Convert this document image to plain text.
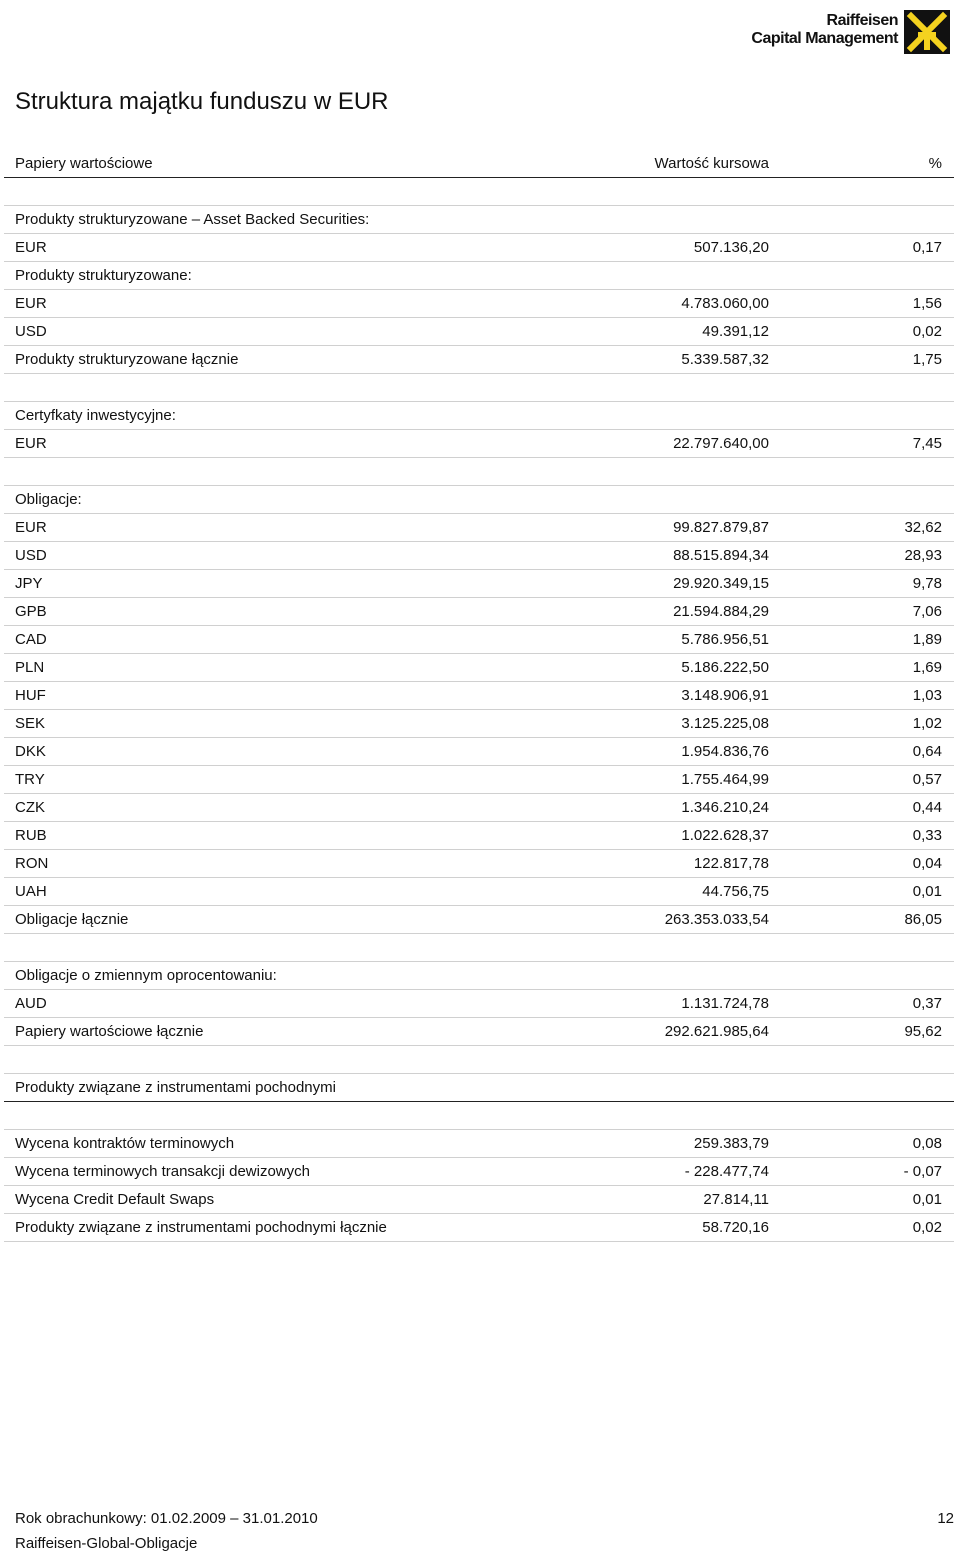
Raiffeisen
Capital Management
Struktura majątku funduszu w EUR
Papiery wartościowe	Wartość kursowa	%
Produkty strukturyzowane – Asset Backed Securities:
EUR	507.136,20	0,17
Produkty strukturyzowane:
EUR	4.783.060,00	1,56
USD	49.391,12	0,02
Produkty strukturyzowane łącznie	5.339.587,32	1,75
Certyfkaty inwestycyjne:
EUR	22.797.640,00	7,45
Obligacje:
EUR	99.827.879,87	32,62
USD	88.515.894,34	28,93
JPY	29.920.349,15	9,78
GPB	21.594.884,29	7,06
CAD	5.786.956,51	1,89
PLN	5.186.222,50	1,69
HUF	3.148.906,91	1,03
SEK	3.125.225,08	1,02
DKK	1.954.836,76	0,64
TRY	1.755.464,99	0,57
CZK	1.346.210,24	0,44
RUB	1.022.628,37	0,33
RON	122.817,78	0,04
UAH	44.756,75	0,01
Obligacje łącznie	263.353.033,54	86,05
Obligacje o zmiennym oprocentowaniu:
AUD	1.131.724,78	0,37
Papiery wartościowe łącznie	292.621.985,64	95,62
Produkty związane z instrumentami pochodnymi
Wycena kontraktów terminowych	259.383,79	0,08
Wycena terminowych transakcji dewizowych	- 228.477,74	- 0,07
Wycena Credit Default Swaps	27.814,11	0,01
Produkty związane z instrumentami pochodnymi łącznie	58.720,16	0,02
Rok obrachunkowy: 01.02.2009 – 31.01.2010
Raiffeisen-Global-Obligacje
12
